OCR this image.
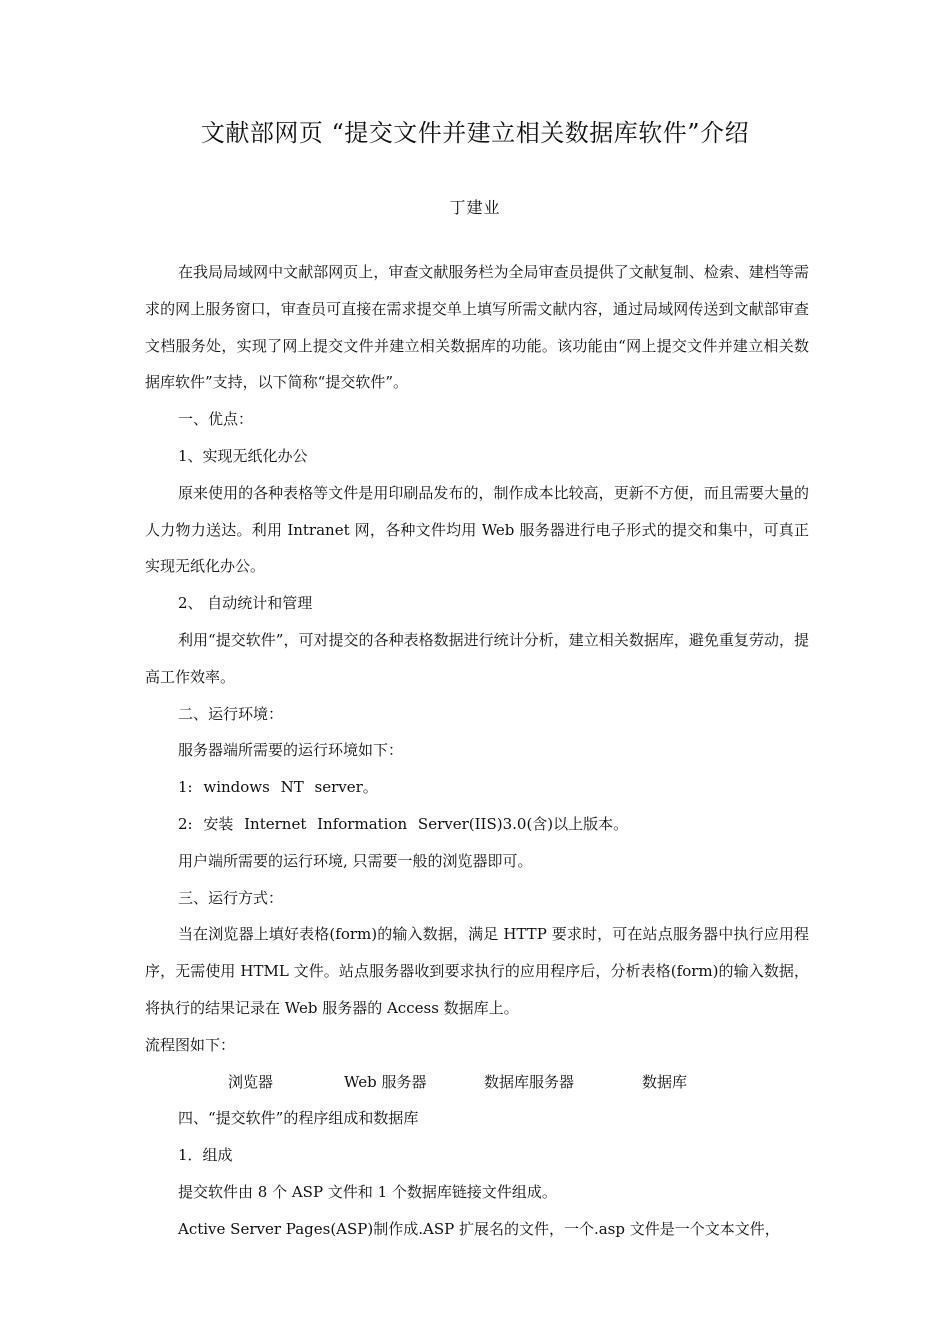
文献部网页 “提交文件并建立相关数据库软件”介绍
丁建业

在我局局域网中文献部网页上，审查文献服务栏为全局审查员提供了文献复制、检索、建档等需求的网上服务窗口，审查员可直接在需求提交单上填写所需文献内容，通过局域网传送到文献部审查文档服务处，实现了网上提交文件并建立相关数据库的功能。该功能由“网上提交文件并建立相关数据库软件”支持，以下简称“提交软件”。

一、优点：

1、实现无纸化办公

原来使用的各种表格等文件是用印刷品发布的，制作成本比较高，更新不方便，而且需要大量的人力物力送达。利用 Intranet 网，各种文件均用 Web 服务器进行电子形式的提交和集中，可真正实现无纸化办公。

2、 自动统计和管理

利用“提交软件”，可对提交的各种表格数据进行统计分析，建立相关数据库，避免重复劳动，提高工作效率。

二、运行环境：

服务器端所需要的运行环境如下：

1: windows NT server。

2: 安装 Internet Information Server(IIS)3.0(含)以上版本。

用户端所需要的运行环境, 只需要一般的浏览器即可。

三、运行方式：

当在浏览器上填好表格(form)的输入数据，满足 HTTP 要求时，可在站点服务器中执行应用程序，无需使用 HTML 文件。站点服务器收到要求执行的应用程序后，分析表格(form)的输入数据，将执行的结果记录在 Web 服务器的 Access 数据库上。

流程图如下：

浏览器	Web 服务器	数据库服务器	数据库

四、“提交软件”的程序组成和数据库

1．组成

提交软件由 8 个 ASP 文件和 1 个数据库链接文件组成。

Active Server Pages(ASP)制作成.ASP 扩展名的文件，一个.asp 文件是一个文本文件，
